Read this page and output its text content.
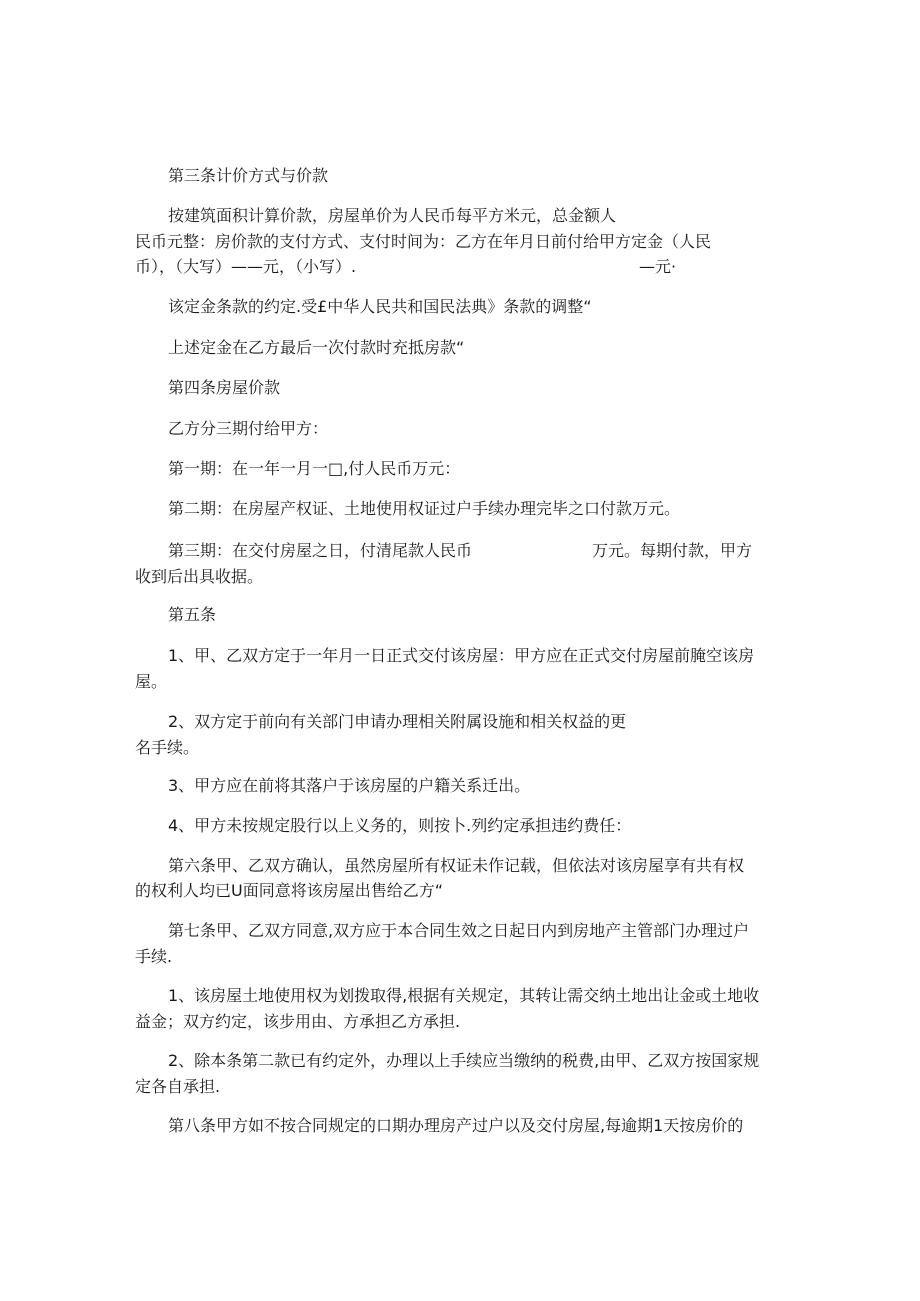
第三条计价方式与价款
按建筑面积计算价款，房屋单价为人民币每平方米元，总金额人
民币元整：房价款的支付方式、支付时间为：乙方在年月日前付给甲方定金（人民
币），（大写）——元，（小写）.	—元·
该定金条款的约定.受£中华人民共和国民法典》条款的调整“
上述定金在乙方最后一次付款时充抵房款“
第四条房屋价款
乙方分三期付给甲方：
第一期：在一年一月一□,付人民币万元：
第二期：在房屋产权证、土地使用权证过户手续办理完毕之口付款万元。
第三期：在交付房屋之日，付清尾款人民币	万元。每期付款，甲方
收到后出具收据。
第五条
1、甲、乙双方定于一年月一日正式交付该房屋：甲方应在正式交付房屋前腌空该房
屋。
2、双方定于前向有关部门申请办理相关附属设施和相关权益的更
名手续。
3、甲方应在前将其落户于该房屋的户籍关系迁出。
4、甲方未按规定股行以上义务的，则按卜.列约定承担违约费任：
第六条甲、乙双方确认，虽然房屋所有权证未作记载，但依法对该房屋享有共有权
的权利人均已U面同意将该房屋出售给乙方“
第七条甲、乙双方同意,双方应于本合同生效之日起日内到房地产主管部门办理过户
手续.
1、该房屋土地使用权为划拨取得,根据有关规定，其转让需交纳土地出让金或土地收
益金；双方约定，该步用由、方承担乙方承担.
2、除本条第二款已有约定外，办理以上手续应当缴纳的税费,由甲、乙双方按国家规
定各自承担.
第八条甲方如不按合同规定的口期办理房产过户以及交付房屋,每逾期1天按房价的
